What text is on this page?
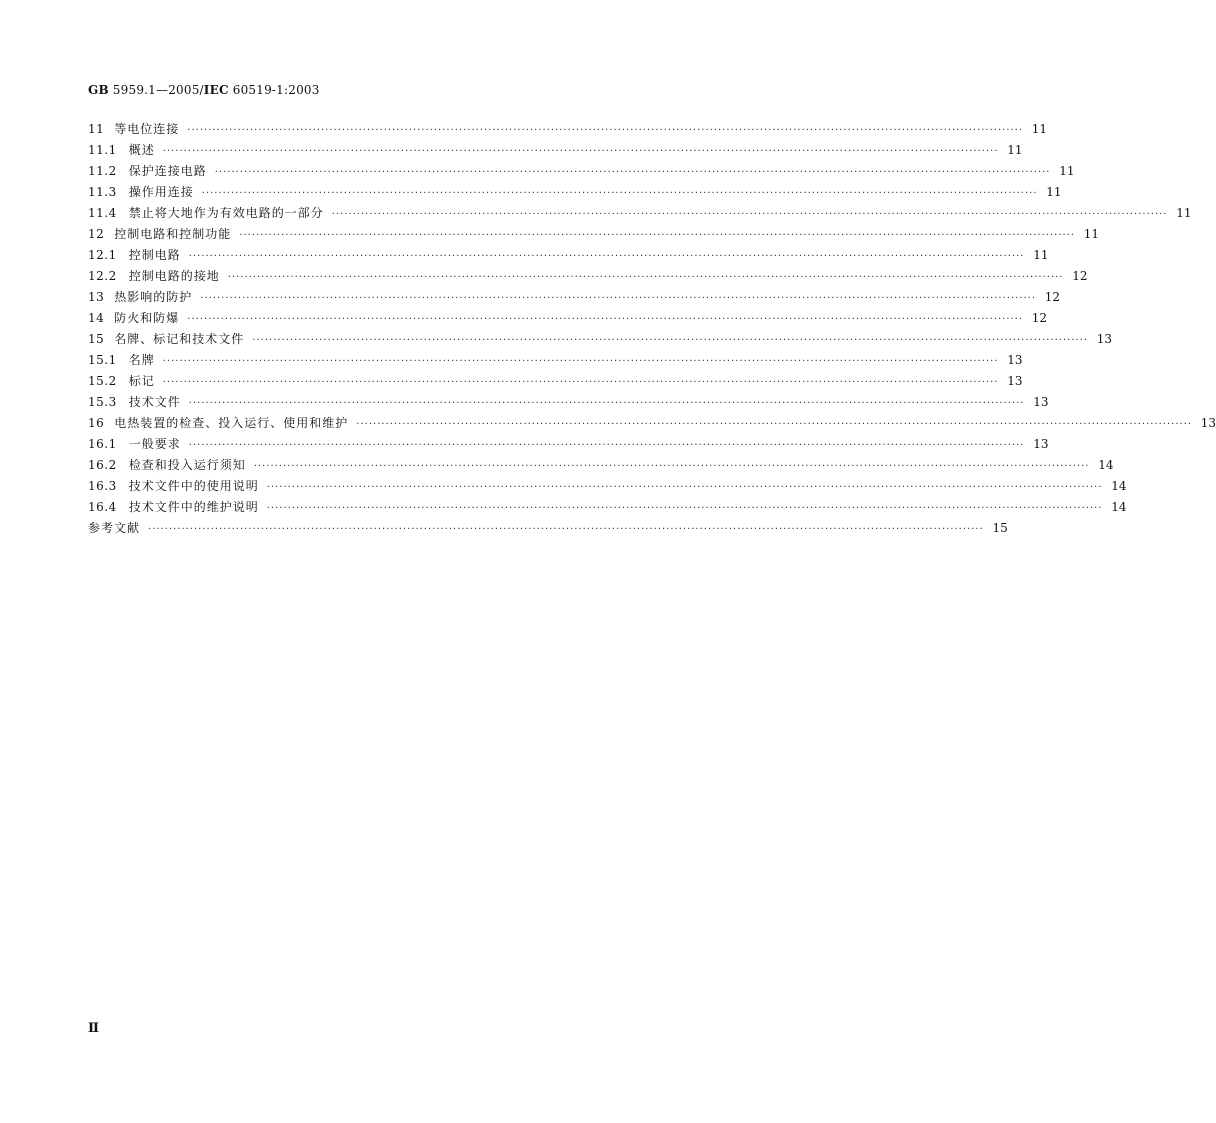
GB 5959.1—2005/IEC 60519-1:2003
11 等电位连接 ········································································································································································································ 11
11.1 概述 ········································································································································································································ 11
11.2 保护连接电路 ········································································································································································································ 11
11.3 操作用连接 ········································································································································································································ 11
11.4 禁止将大地作为有效电路的一部分 ········································································································································································································ 11
12 控制电路和控制功能 ········································································································································································································ 11
12.1 控制电路 ········································································································································································································ 11
12.2 控制电路的接地 ········································································································································································································ 12
13 热影响的防护 ········································································································································································································ 12
14 防火和防爆 ········································································································································································································ 12
15 名牌、标记和技术文件 ········································································································································································································ 13
15.1 名牌 ········································································································································································································ 13
15.2 标记 ········································································································································································································ 13
15.3 技术文件 ········································································································································································································ 13
16 电热装置的检查、投入运行、使用和维护 ········································································································································································································ 13
16.1 一般要求 ········································································································································································································ 13
16.2 检查和投入运行须知 ········································································································································································································ 14
16.3 技术文件中的使用说明 ········································································································································································································ 14
16.4 技术文件中的维护说明 ········································································································································································································ 14
参考文献 ········································································································································································································ 15
Ⅱ
